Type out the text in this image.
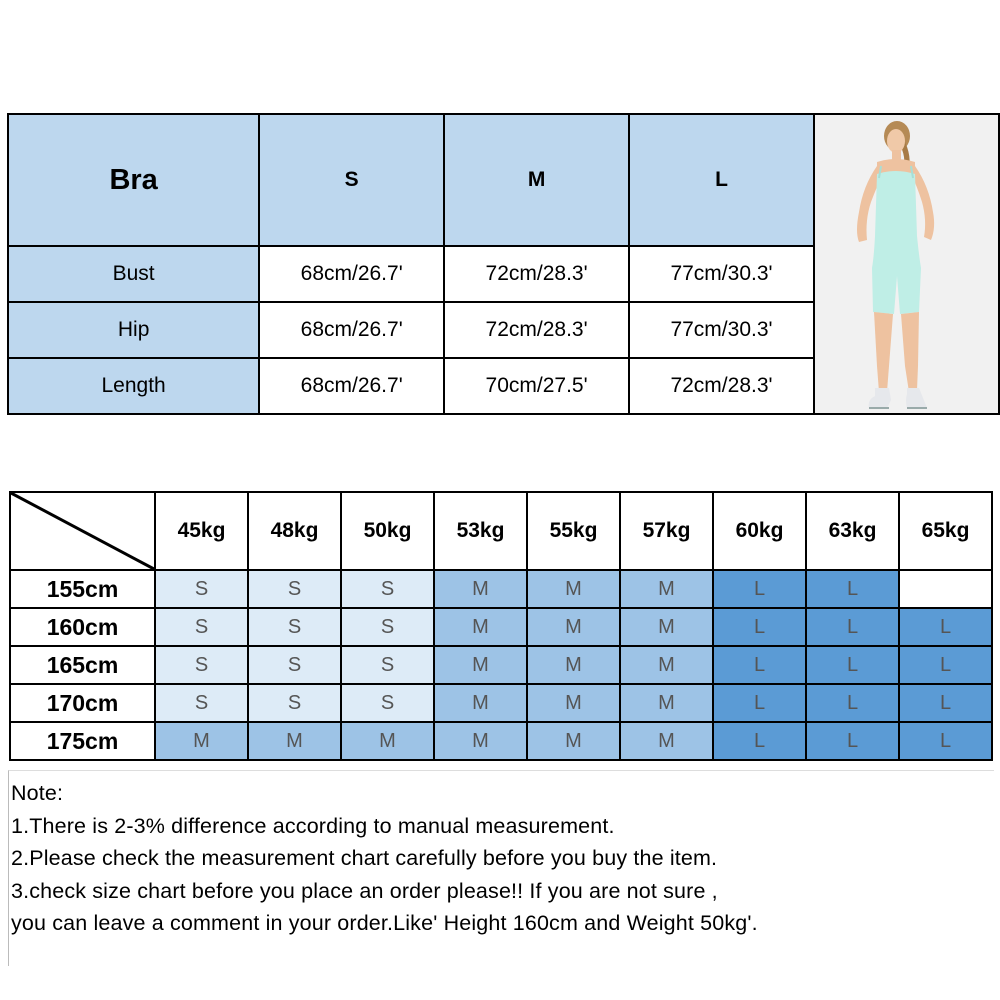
Bra	S	M	L	

Bust	68cm/26.7'	72cm/28.3'	77cm/30.3'	
Hip	68cm/26.7'	72cm/28.3'	77cm/30.3'	
Length	68cm/26.7'	70cm/27.5'	72cm/28.3'	
	45kg	48kg	50kg	53kg	55kg	57kg	60kg	63kg	65kg
155cm	S	S	S	M	M	M	L	L	
160cm	S	S	S	M	M	M	L	L	L
165cm	S	S	S	M	M	M	L	L	L
170cm	S	S	S	M	M	M	L	L	L
175cm	M	M	M	M	M	M	L	L	L
Note:
1.There is 2-3% difference according to manual measurement.
2.Please check the measurement chart carefully before you buy the item.
3.check size chart before you place an order please!! If you are not sure ,
you can leave a comment in your order.Like' Height 160cm and Weight 50kg'.
